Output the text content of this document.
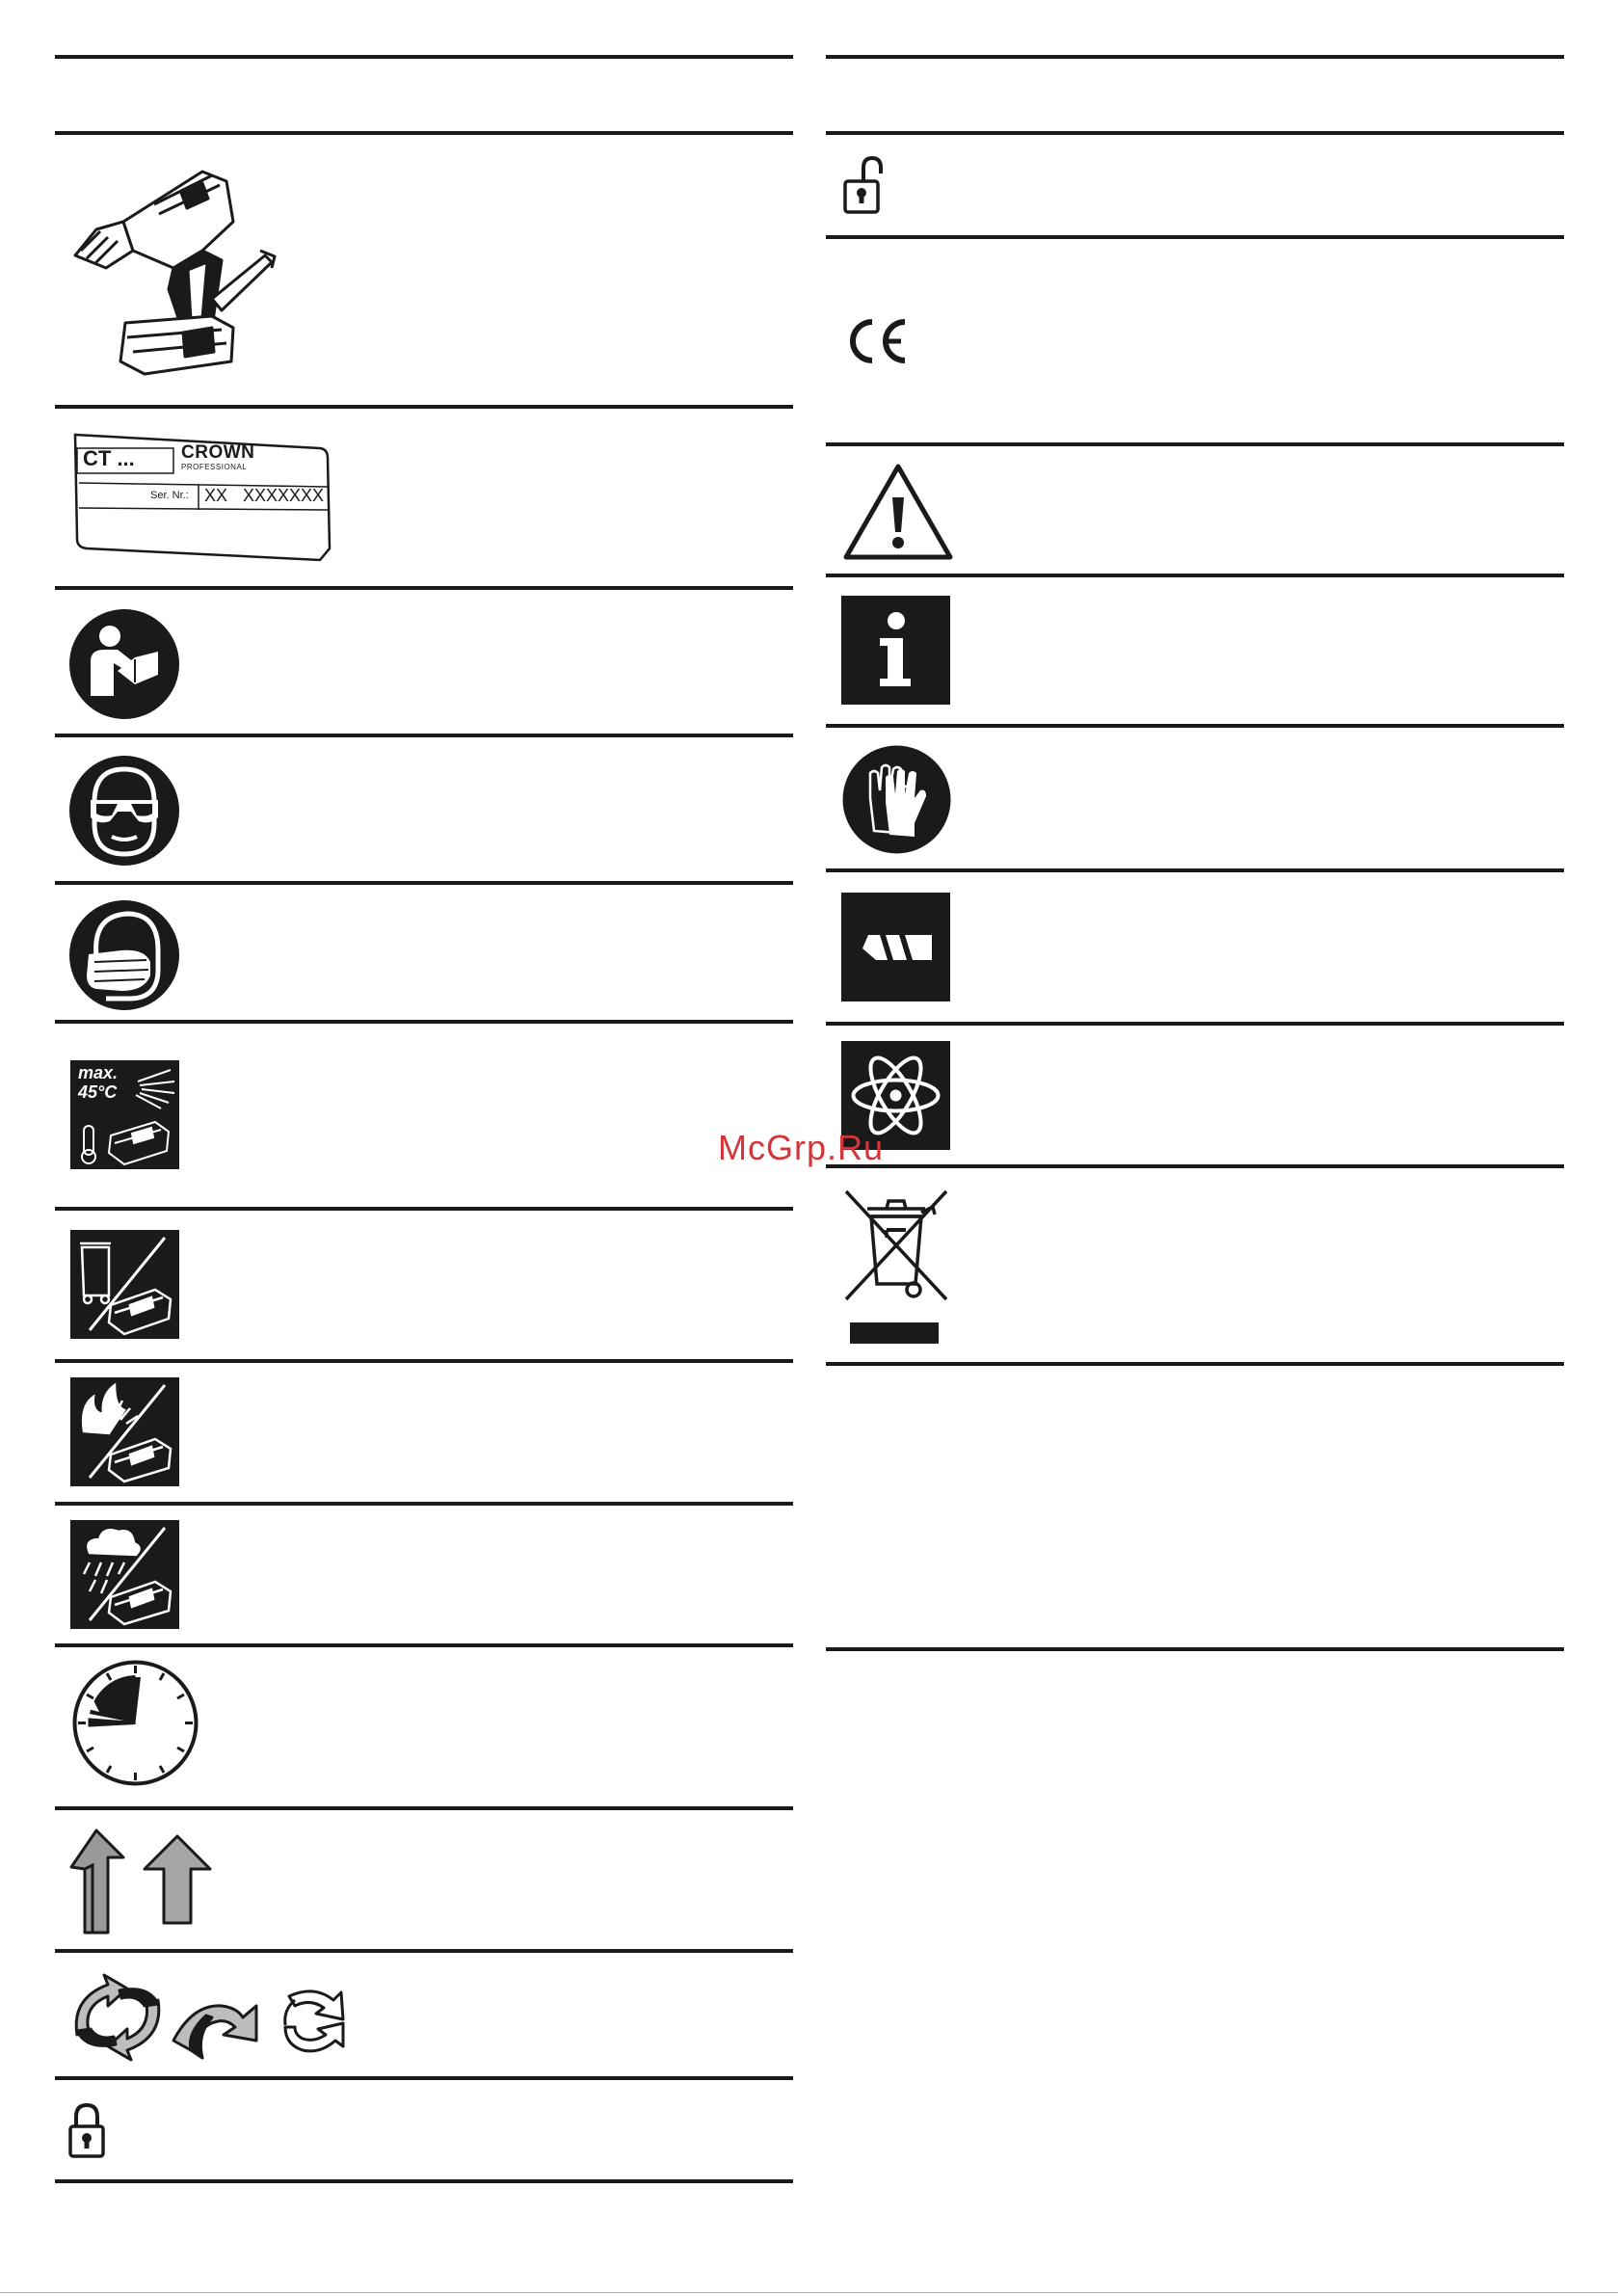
CT ...	CROWN
PROFESSIONAL
Ser. Nr.: XX XXXXXXX
max.
45°C
McGrp.Ru
